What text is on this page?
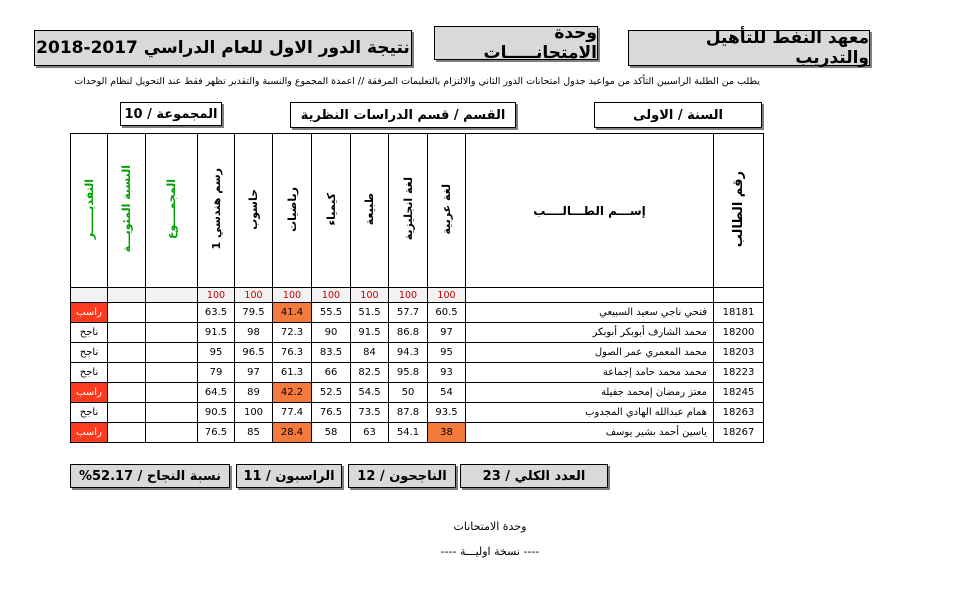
معهد النفط للتأهيل والتدريب
وحدة الامتحانـــــات
نتيجة الدور الاول للعام الدراسي 2017-2018
يطلب من الطلبة الراسبين التأكد من مواعيد جدول امتحانات الدور الثاني والالتزام بالتعليمات المرفقة // اعمدة المجموع والنسبة والتقدير تظهر فقط عند التحويل لنظام الوحدات
السنة / الاولى
القسم / قسم الدراسات النظرية
المجموعة / 10
التقديــــــر	النسبة المئويـــة	المجمــــوع	رسم هندسي 1	حاسوب	رياضيات	كيمياء	طبيعة	لغة انجليزية	لغة عربية	إســـم الطـــالــــب	رقم الطالب
			100	100	100	100	100	100	100		
راسب			63.5	79.5	41.4	55.5	51.5	57.7	60.5	فتحي ناجي سعيد السبيعي	18181
ناجح			91.5	98	72.3	90	91.5	86.8	97	محمد الشارف أبوبكر أبوبكر	18200
ناجح			95	96.5	76.3	83.5	84	94.3	95	محمد المعمري عمر الصول	18203
ناجح			79	97	61.3	66	82.5	95.8	93	محمد محمد حامد إجماعة	18223
راسب			64.5	89	42.2	52.5	54.5	50	54	معتز رمضان إمحمد جفيلة	18245
ناجح			90.5	100	77.4	76.5	73.5	87.8	93.5	همام عبدالله الهادي المجدوب	18263
راسب			76.5	85	28.4	58	63	54.1	38	ياسين أحمد بشير يوسف	18267
العدد الكلي / 23
الناجحون / 12
الراسبون / 11
نسبة النجاح / 52.17%
وحدة الامتحانات
---- نسخة اوليـــة ----
